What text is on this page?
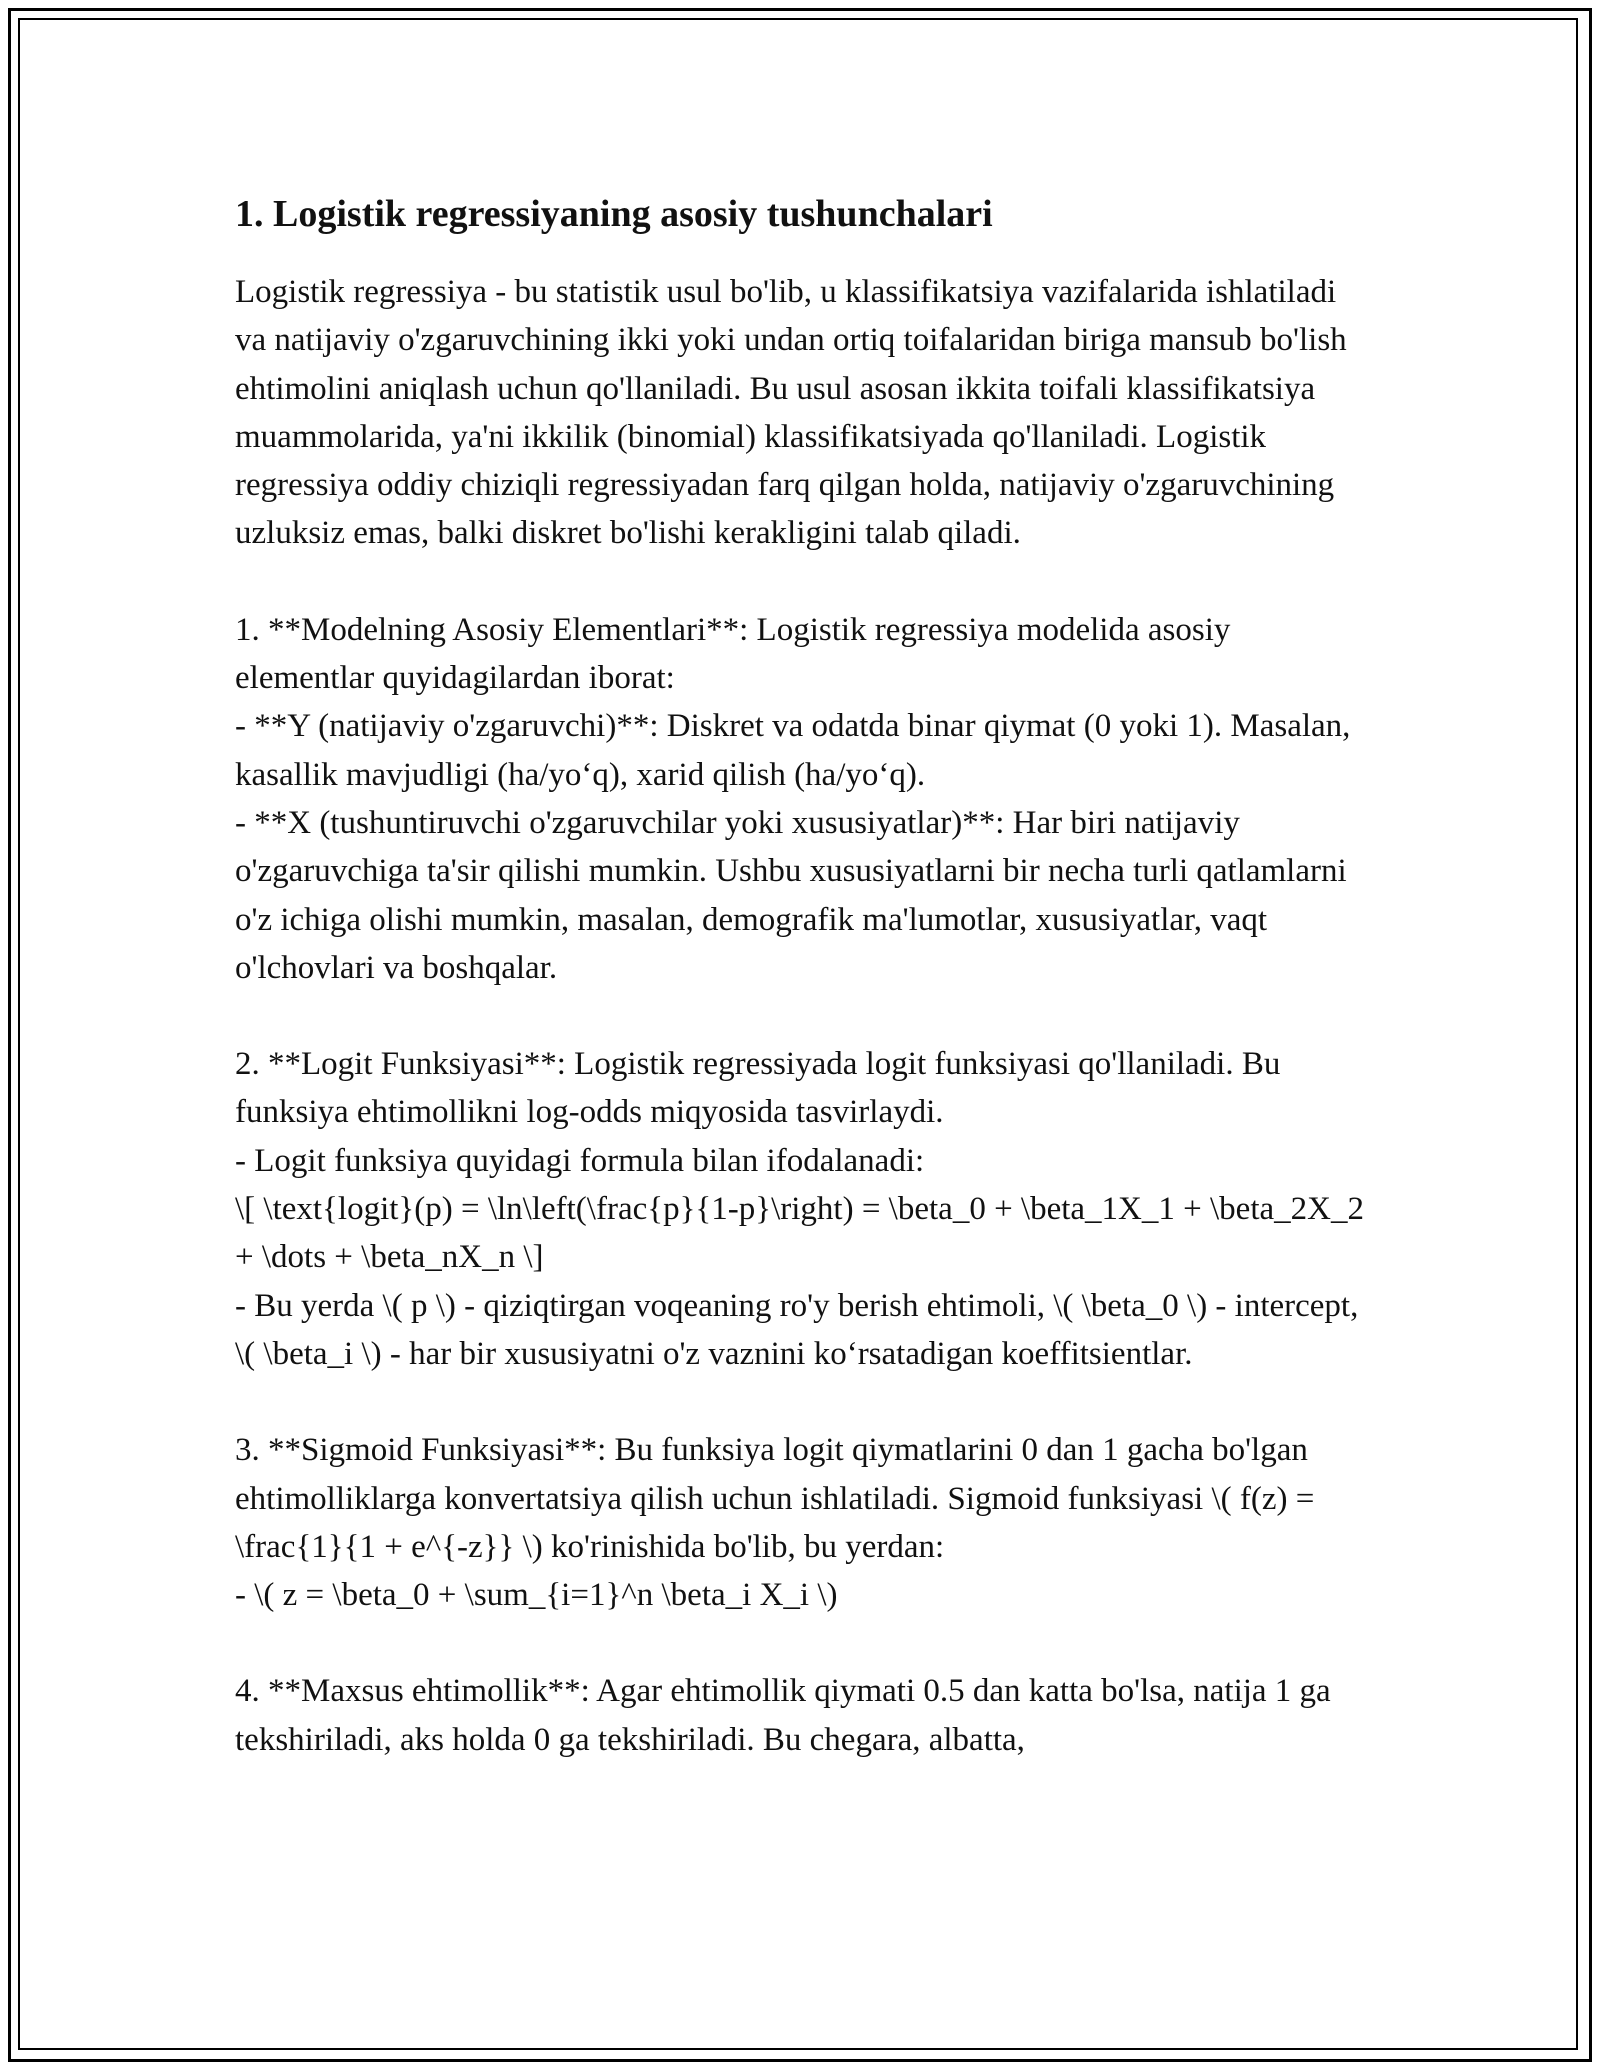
1. Logistik regressiyaning asosiy tushunchalari

Logistik regressiya - bu statistik usul bo'lib, u klassifikatsiya vazifalarida ishlatiladi va natijaviy o'zgaruvchining ikki yoki undan ortiq toifalaridan biriga mansub bo'lish ehtimolini aniqlash uchun qo'llaniladi. Bu usul asosan ikkita toifali klassifikatsiya muammolarida, ya'ni ikkilik (binomial) klassifikatsiyada qo'llaniladi. Logistik regressiya oddiy chiziqli regressiyadan farq qilgan holda, natijaviy o'zgaruvchining uzluksiz emas, balki diskret bo'lishi kerakligini talab qiladi.

1. **Modelning Asosiy Elementlari**: Logistik regressiya modelida asosiy elementlar quyidagilardan iborat:
- **Y (natijaviy o'zgaruvchi)**: Diskret va odatda binar qiymat (0 yoki 1). Masalan, kasallik mavjudligi (ha/yo‘q), xarid qilish (ha/yo‘q).
- **X (tushuntiruvchi o'zgaruvchilar yoki xususiyatlar)**: Har biri natijaviy o'zgaruvchiga ta'sir qilishi mumkin. Ushbu xususiyatlarni bir necha turli qatlamlarni o'z ichiga olishi mumkin, masalan, demografik ma'lumotlar, xususiyatlar, vaqt o'lchovlari va boshqalar.

2. **Logit Funksiyasi**: Logistik regressiyada logit funksiyasi qo'llaniladi. Bu funksiya ehtimollikni log-odds miqyosida tasvirlaydi.
- Logit funksiya quyidagi formula bilan ifodalanadi:
\[ \text{logit}(p) = \ln\left(\frac{p}{1-p}\right) = \beta_0 + \beta_1X_1 + \beta_2X_2 + \dots + \beta_nX_n \]
- Bu yerda \( p \) - qiziqtirgan voqeaning ro'y berish ehtimoli, \( \beta_0 \) - intercept, \( \beta_i \) - har bir xususiyatni o'z vaznini ko‘rsatadigan koeffitsientlar.

3. **Sigmoid Funksiyasi**: Bu funksiya logit qiymatlarini 0 dan 1 gacha bo'lgan ehtimolliklarga konvertatsiya qilish uchun ishlatiladi. Sigmoid funksiyasi \( f(z) = \frac{1}{1 + e^{-z}} \) ko'rinishida bo'lib, bu yerdan:
- \( z = \beta_0 + \sum_{i=1}^n \beta_i X_i \)

4. **Maxsus ehtimollik**: Agar ehtimollik qiymati 0.5 dan katta bo'lsa, natija 1 ga tekshiriladi, aks holda 0 ga tekshiriladi. Bu chegara, albatta,
